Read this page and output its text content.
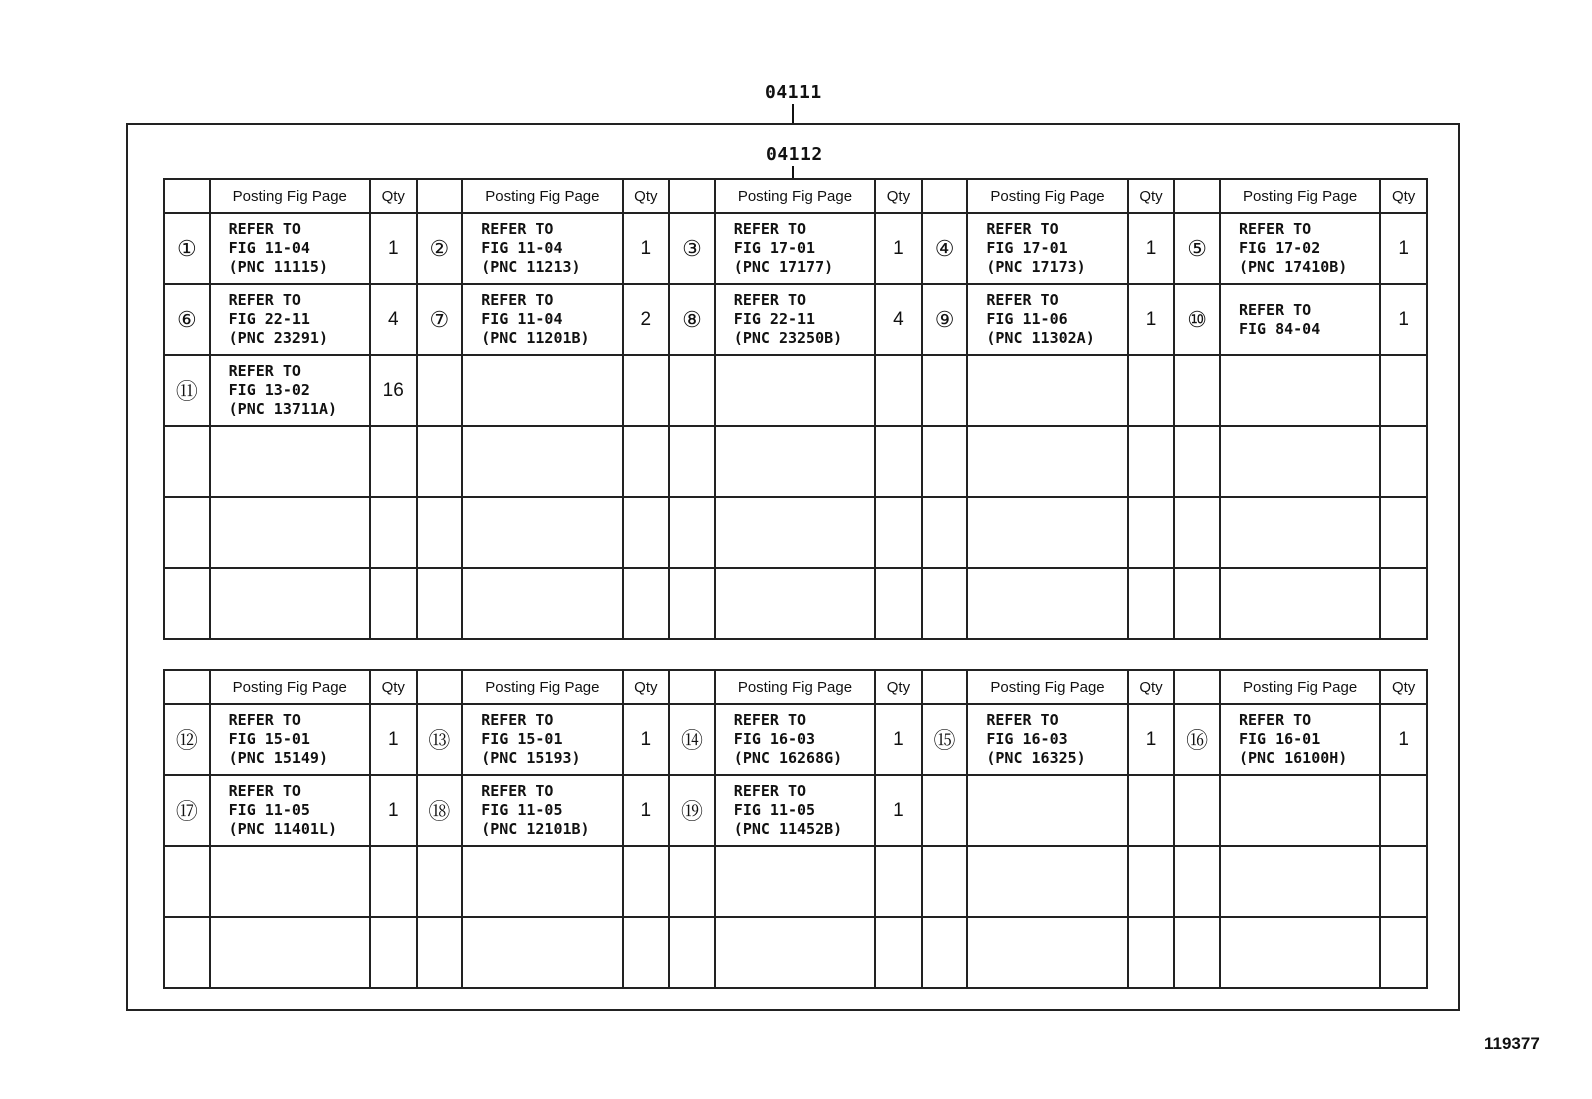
04111
04112
	Posting Fig Page	Qty		Posting Fig Page	Qty		Posting Fig Page	Qty		Posting Fig Page	Qty		Posting Fig Page	Qty
①	REFER TO
FIG 11-04
(PNC 11115)	1	②	REFER TO
FIG 11-04
(PNC 11213)	1	③	REFER TO
FIG 17-01
(PNC 17177)	1	④	REFER TO
FIG 17-01
(PNC 17173)	1	⑤	REFER TO
FIG 17-02
(PNC 17410B)	1
⑥	REFER TO
FIG 22-11
(PNC 23291)	4	⑦	REFER TO
FIG 11-04
(PNC 11201B)	2	⑧	REFER TO
FIG 22-11
(PNC 23250B)	4	⑨	REFER TO
FIG 11-06
(PNC 11302A)	1	⑩	REFER TO
FIG 84-04	1
⑪	REFER TO
FIG 13-02
(PNC 13711A)	16		

	Posting Fig Page	Qty		Posting Fig Page	Qty		Posting Fig Page	Qty		Posting Fig Page	Qty		Posting Fig Page	Qty
⑫	REFER TO
FIG 15-01
(PNC 15149)	1	⑬	REFER TO
FIG 15-01
(PNC 15193)	1	⑭	REFER TO
FIG 16-03
(PNC 16268G)	1	⑮	REFER TO
FIG 16-03
(PNC 16325)	1	⑯	REFER TO
FIG 16-01
(PNC 16100H)	1
⑰	REFER TO
FIG 11-05
(PNC 11401L)	1	⑱	REFER TO
FIG 11-05
(PNC 12101B)	1	⑲	REFER TO
FIG 11-05
(PNC 11452B)	1		

119377
